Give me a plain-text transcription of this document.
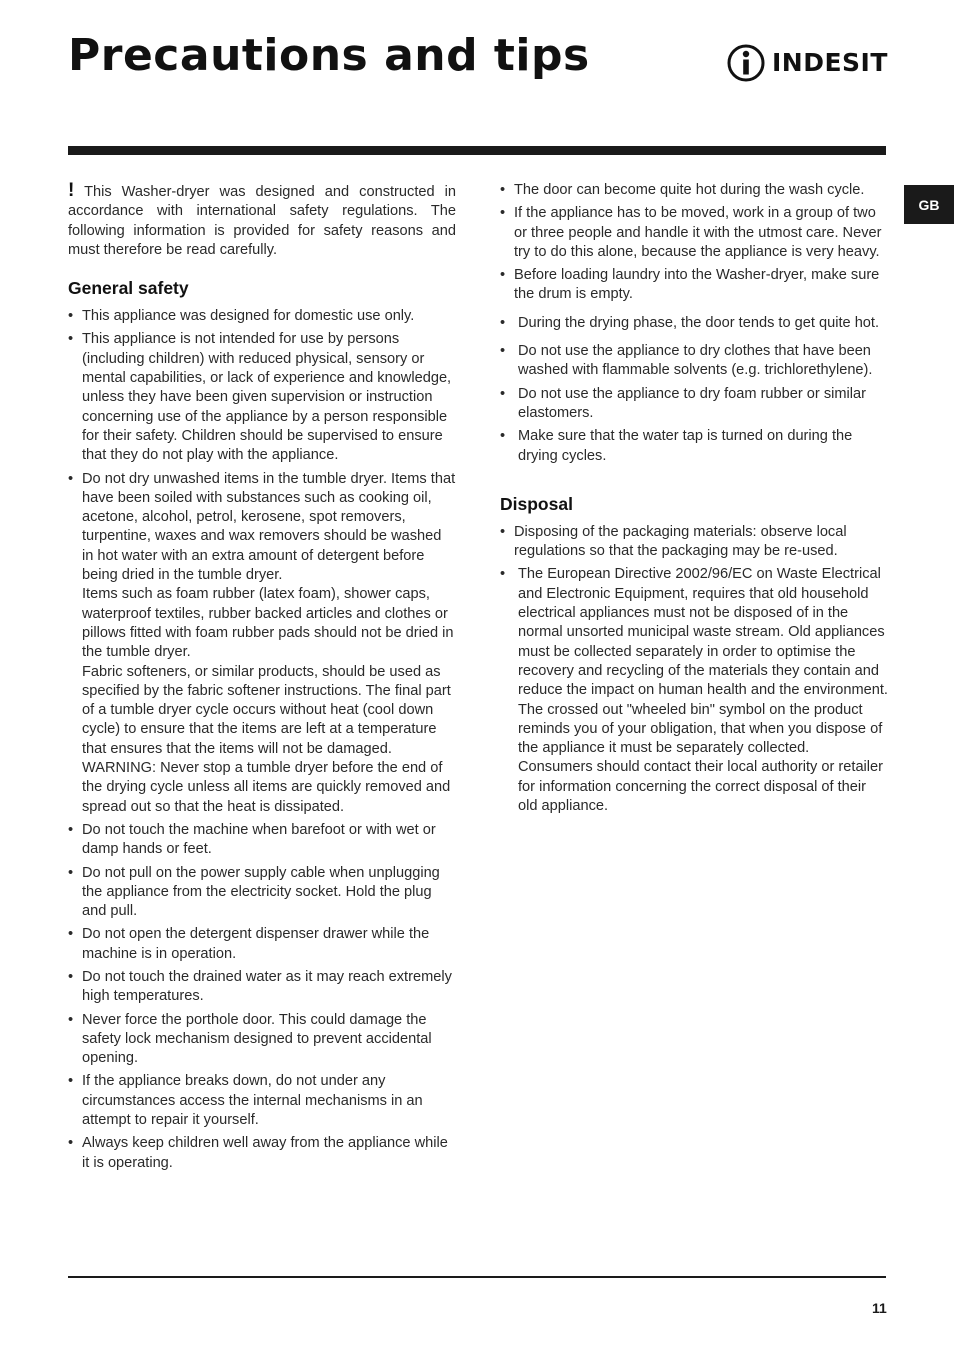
Precautions and tips	INDESIT
GB

! This Washer-dryer was designed and constructed in accordance with international safety regulations. The following information is provided for safety reasons and must therefore be read carefully.

General safety

• This appliance was designed for domestic use only.

• This appliance is not intended for use by persons (including children) with reduced physical, sensory or mental capabilities, or lack of experience and knowledge, unless they have been given supervision or instruction concerning use of the appliance by a person responsible for their safety. Children should be supervised to ensure that they do not play with the appliance.

• Do not dry unwashed items in the tumble dryer. Items that have been soiled with substances such as cooking oil, acetone, alcohol, petrol, kerosene, spot removers, turpentine, waxes and wax removers should be washed in hot water with an extra amount of detergent before being dried in the tumble dryer.

Items such as foam rubber (latex foam), shower caps, waterproof textiles, rubber backed articles and clothes or pillows fitted with foam rubber pads should not be dried in the tumble dryer.

Fabric softeners, or similar products, should be used as specified by the fabric softener instructions. The final part of a tumble dryer cycle occurs without heat (cool down cycle) to ensure that the items are left at a temperature that ensures that the items will not be damaged.

WARNING: Never stop a tumble dryer before the end of the drying cycle unless all items are quickly removed and spread out so that the heat is dissipated.

• Do not touch the machine when barefoot or with wet or damp hands or feet.

• Do not pull on the power supply cable when unplugging the appliance from the electricity socket. Hold the plug and pull.

• Do not open the detergent dispenser drawer while the machine is in operation.

• Do not touch the drained water as it may reach extremely high temperatures.

• Never force the porthole door. This could damage the safety lock mechanism designed to prevent accidental opening.

• If the appliance breaks down, do not under any circumstances access the internal mechanisms in an attempt to repair it yourself.

• Always keep children well away from the appliance while it is operating.

• The door can become quite hot during the wash cycle.

• If the appliance has to be moved, work in a group of two or three people and handle it with the utmost care. Never try to do this alone, because the appliance is very heavy.

• Before loading laundry into the Washer-dryer, make sure the drum is empty.

• During the drying phase, the door tends to get quite hot.

• Do not use the appliance to dry clothes that have been washed with flammable solvents (e.g. trichlorethylene).

• Do not use the appliance to dry foam rubber or similar elastomers.

• Make sure that the water tap is turned on during the drying cycles.

Disposal

• Disposing of the packaging materials: observe local regulations so that the packaging may be re-used.

• The European Directive 2002/96/EC on Waste Electrical and Electronic Equipment, requires that old household electrical appliances must not be disposed of in the normal unsorted municipal waste stream. Old appliances must be collected separately in order to optimise the recovery and recycling of the materials they contain and reduce the impact on human health and the environment. The crossed out "wheeled bin" symbol on the product reminds you of your obligation, that when you dispose of the appliance it must be separately collected.

Consumers should contact their local authority or retailer for information concerning the correct disposal of their old appliance.

11
